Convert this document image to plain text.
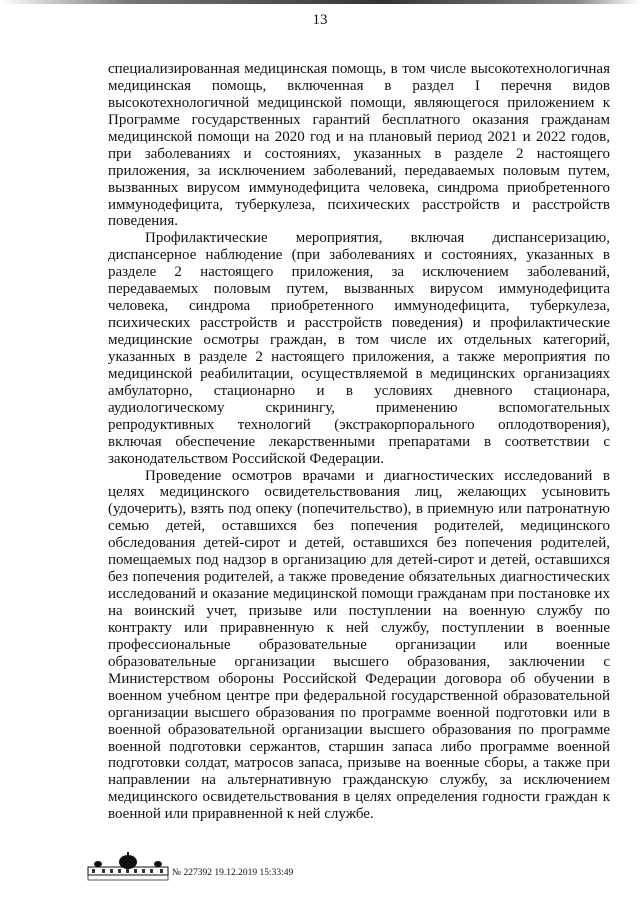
13
специализированная медицинская помощь, в том числе высокотехнологичная
медицинская помощь, включенная в раздел I перечня видов
высокотехнологичной медицинской помощи, являющегося приложением к
Программе государственных гарантий бесплатного оказания гражданам
медицинской помощи на 2020 год и на плановый период 2021 и 2022 годов,
при заболеваниях и состояниях, указанных в разделе 2 настоящего
приложения, за исключением заболеваний, передаваемых половым путем,
вызванных вирусом иммунодефицита человека, синдрома приобретенного
иммунодефицита, туберкулеза, психических расстройств и расстройств
поведения.
Профилактические мероприятия, включая диспансеризацию,
диспансерное наблюдение (при заболеваниях и состояниях, указанных в
разделе 2 настоящего приложения, за исключением заболеваний,
передаваемых половым путем, вызванных вирусом иммунодефицита
человека, синдрома приобретенного иммунодефицита, туберкулеза,
психических расстройств и расстройств поведения) и профилактические
медицинские осмотры граждан, в том числе их отдельных категорий,
указанных в разделе 2 настоящего приложения, а также мероприятия по
медицинской реабилитации, осуществляемой в медицинских организациях
амбулаторно, стационарно и в условиях дневного стационара,
аудиологическому скринингу, применению вспомогательных
репродуктивных технологий (экстракорпорального оплодотворения),
включая обеспечение лекарственными препаратами в соответствии с
законодательством Российской Федерации.
Проведение осмотров врачами и диагностических исследований в
целях медицинского освидетельствования лиц, желающих усыновить
(удочерить), взять под опеку (попечительство), в приемную или патронатную
семью детей, оставшихся без попечения родителей, медицинского
обследования детей-сирот и детей, оставшихся без попечения родителей,
помещаемых под надзор в организацию для детей-сирот и детей, оставшихся
без попечения родителей, а также проведение обязательных диагностических
исследований и оказание медицинской помощи гражданам при постановке их
на воинский учет, призыве или поступлении на военную службу по
контракту или приравненную к ней службу, поступлении в военные
профессиональные образовательные организации или военные
образовательные организации высшего образования, заключении с
Министерством обороны Российской Федерации договора об обучении в
военном учебном центре при федеральной государственной образовательной
организации высшего образования по программе военной подготовки или в
военной образовательной организации высшего образования по программе
военной подготовки сержантов, старшин запаса либо программе военной
подготовки солдат, матросов запаса, призыве на военные сборы, а также при
направлении на альтернативную гражданскую службу, за исключением
медицинского освидетельствования в целях определения годности граждан к
военной или приравненной к ней службе.
№ 227392 19.12.2019 15:33:49
